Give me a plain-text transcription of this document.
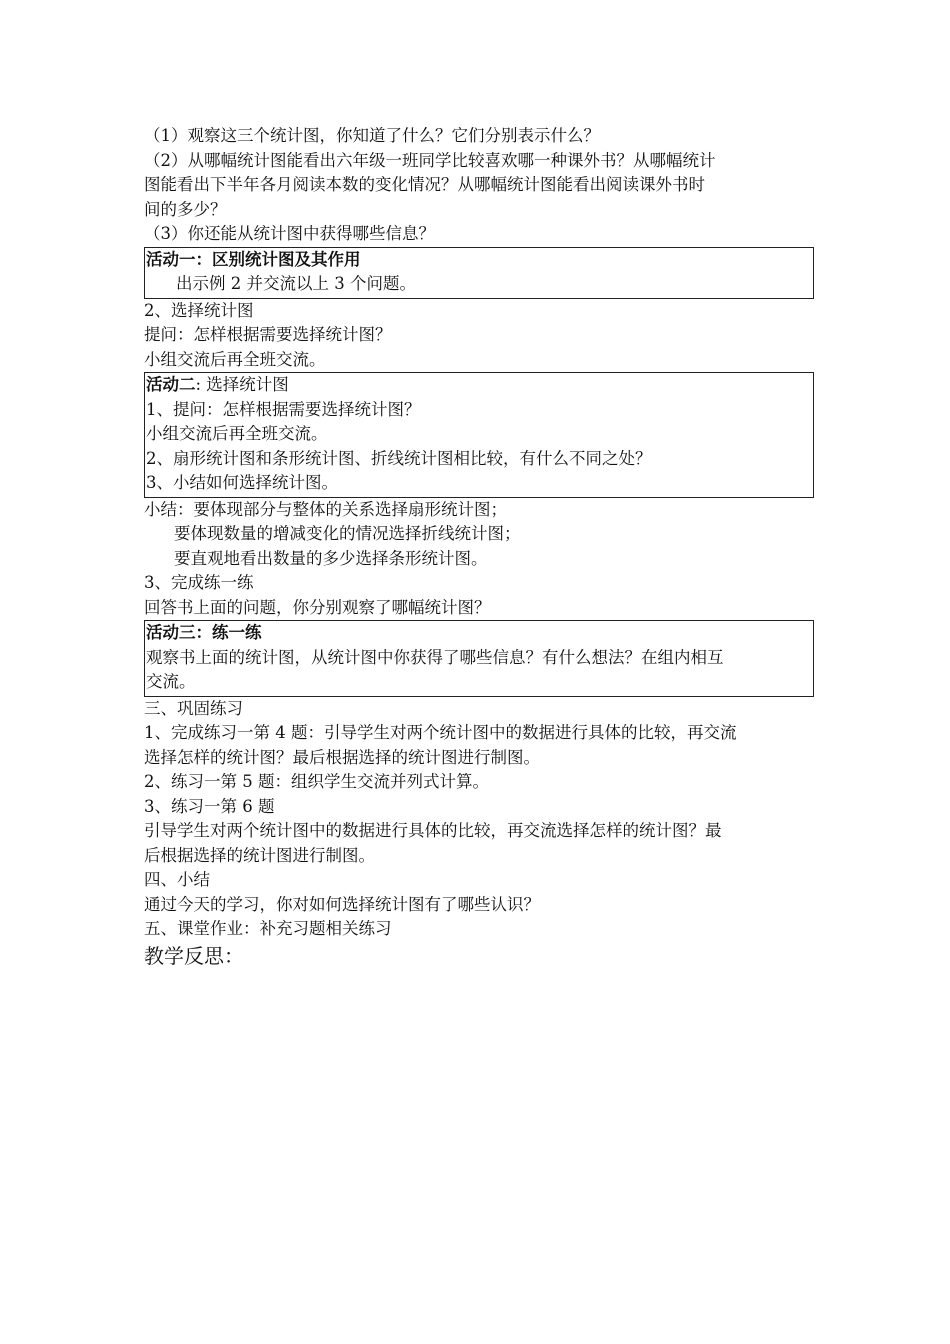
（1）观察这三个统计图，你知道了什么？它们分别表示什么？
（2）从哪幅统计图能看出六年级一班同学比较喜欢哪一种课外书？从哪幅统计
图能看出下半年各月阅读本数的变化情况？从哪幅统计图能看出阅读课外书时
间的多少？
（3）你还能从统计图中获得哪些信息？
活动一：区别统计图及其作用
出示例 2 并交流以上 3 个问题。
2、选择统计图
提问：怎样根据需要选择统计图？
小组交流后再全班交流。
活动二: 选择统计图
1、提问：怎样根据需要选择统计图？
小组交流后再全班交流。
2、扇形统计图和条形统计图、折线统计图相比较，有什么不同之处？
3、小结如何选择统计图。
小结：要体现部分与整体的关系选择扇形统计图；
要体现数量的增减变化的情况选择折线统计图；
要直观地看出数量的多少选择条形统计图。
3、完成练一练
回答书上面的问题，你分别观察了哪幅统计图？
活动三：练一练
观察书上面的统计图，从统计图中你获得了哪些信息？有什么想法？在组内相互
交流。
三、巩固练习
1、完成练习一第 4 题：引导学生对两个统计图中的数据进行具体的比较，再交流
选择怎样的统计图？最后根据选择的统计图进行制图。
2、练习一第 5 题：组织学生交流并列式计算。
3、练习一第 6 题
引导学生对两个统计图中的数据进行具体的比较，再交流选择怎样的统计图？最
后根据选择的统计图进行制图。
四、小结
通过今天的学习，你对如何选择统计图有了哪些认识？
五、课堂作业：补充习题相关练习
教学反思：
